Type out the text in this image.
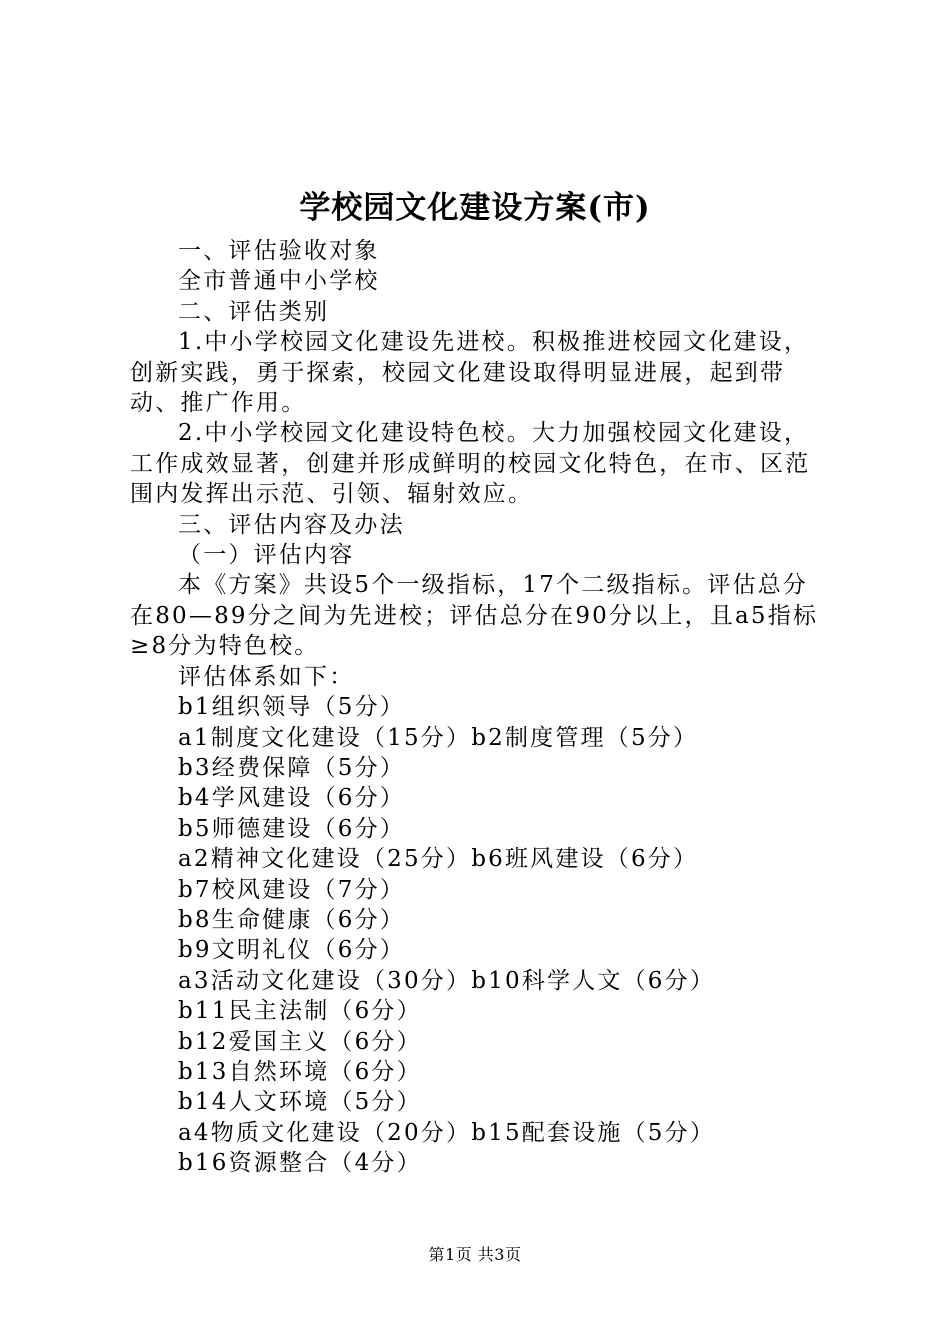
学校园文化建设方案(市)

一、评估验收对象

全市普通中小学校

二、评估类别

1.中小学校园文化建设先进校。积极推进校园文化建设，创新实践，勇于探索，校园文化建设取得明显进展，起到带动、推广作用。

2.中小学校园文化建设特色校。大力加强校园文化建设，工作成效显著，创建并形成鲜明的校园文化特色，在市、区范围内发挥出示范、引领、辐射效应。

三、评估内容及办法

（一）评估内容

本《方案》共设5个一级指标，17个二级指标。评估总分在80—89分之间为先进校；评估总分在90分以上，且a5指标≥8分为特色校。

评估体系如下：

b1组织领导（5分）

a1制度文化建设（15分）b2制度管理（5分）

b3经费保障（5分）

b4学风建设（6分）

b5师德建设（6分）

a2精神文化建设（25分）b6班风建设（6分）

b7校风建设（7分）

b8生命健康（6分）

b9文明礼仪（6分）

a3活动文化建设（30分）b10科学人文（6分）

b11民主法制（6分）

b12爱国主义（6分）

b13自然环境（6分）

b14人文环境（5分）

a4物质文化建设（20分）b15配套设施（5分）

b16资源整合（4分）

第1页 共3页
